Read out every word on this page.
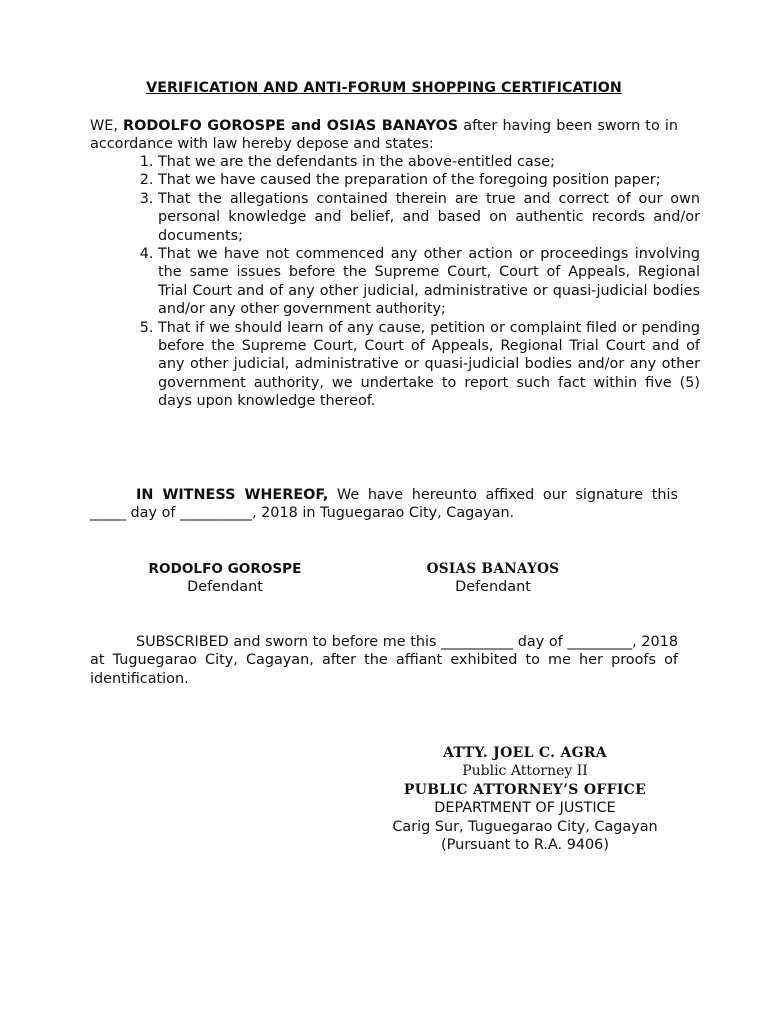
VERIFICATION AND ANTI-FORUM SHOPPING CERTIFICATION
WE, RODOLFO GOROSPE and OSIAS BANAYOS after having been sworn to in accordance with law hereby depose and states:
1. That we are the defendants in the above-entitled case;
2. That we have caused the preparation of the foregoing position paper;
3. That the allegations contained therein are true and correct of our own personal knowledge and belief, and based on authentic records and/or documents;
4. That we have not commenced any other action or proceedings involving the same issues before the Supreme Court, Court of Appeals, Regional Trial Court and of any other judicial, administrative or quasi-judicial bodies and/or any other government authority;
5. That if we should learn of any cause, petition or complaint filed or pending before the Supreme Court, Court of Appeals, Regional Trial Court and of any other judicial, administrative or quasi-judicial bodies and/or any other government authority, we undertake to report such fact within five (5) days upon knowledge thereof.
IN WITNESS WHEREOF, We have hereunto affixed our signature this _____ day of __________, 2018 in Tuguegarao City, Cagayan.
RODOLFO GOROSPE
Defendant
OSIAS BANAYOS
Defendant
SUBSCRIBED and sworn to before me this __________ day of _________, 2018 at Tuguegarao City, Cagayan, after the affiant exhibited to me her proofs of identification.
ATTY. JOEL C. AGRA
Public Attorney II
PUBLIC ATTORNEY’S OFFICE
DEPARTMENT OF JUSTICE
Carig Sur, Tuguegarao City, Cagayan
(Pursuant to R.A. 9406)
